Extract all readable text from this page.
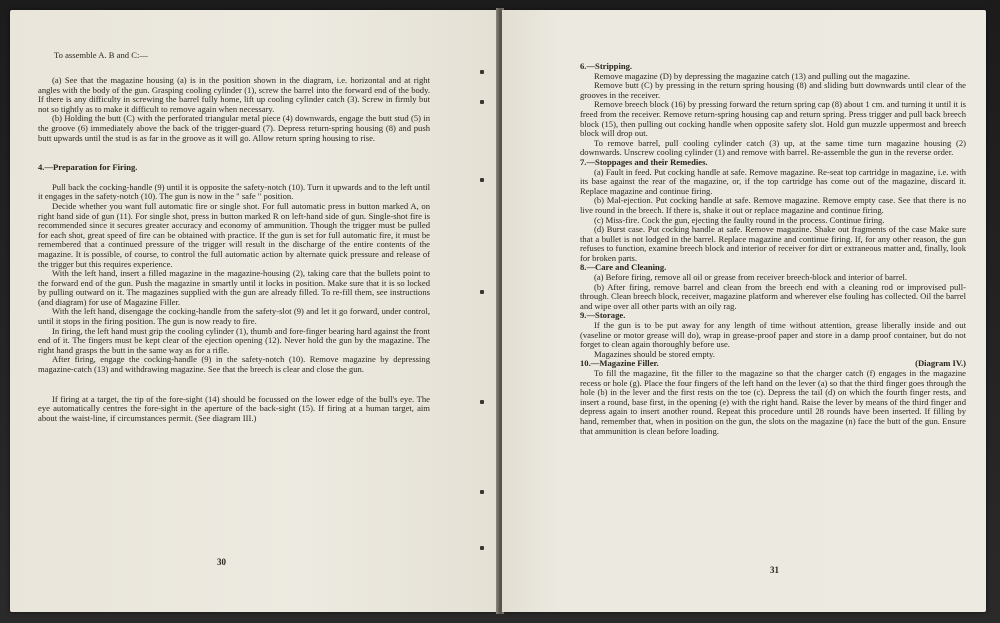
To assemble A. B and C:—

(a) See that the magazine housing (a) is in the position shown in the diagram, i.e. horizontal and at right angles with the body of the gun. Grasping cooling cylinder (1), screw the barrel into the forward end of the body. If there is any difficulty in screwing the barrel fully home, lift up cooling cylinder catch (3). Screw in firmly but not so tightly as to make it difficult to remove again when necessary.

(b) Holding the butt (C) with the perforated triangular metal piece (4) downwards, engage the butt stud (5) in the groove (6) immediately above the back of the trigger-guard (7). Depress return-spring housing (8) and push butt upwards until the stud is as far in the groove as it will go. Allow return spring housing to rise.

4.—Preparation for Firing.

Pull back the cocking-handle (9) until it is opposite the safety-notch (10). Turn it upwards and to the left until it engages in the safety-notch (10). The gun is now in the " safe " position.

Decide whether you want full automatic fire or single shot. For full automatic press in button marked A, on right hand side of gun (11). For single shot, press in button marked R on left-hand side of gun. Single-shot fire is recommended since it secures greater accuracy and economy of ammunition. Though the trigger must be pulled for each shot, great speed of fire can be obtained with practice. If the gun is set for full automatic fire, it must be remembered that a continued pressure of the trigger will result in the discharge of the entire contents of the magazine. It is possible, of course, to control the full automatic action by alternate quick pressure and release of the trigger but this requires experience.

With the left hand, insert a filled magazine in the magazine-housing (2), taking care that the bullets point to the forward end of the gun. Push the magazine in smartly until it locks in position. Make sure that it is so locked by pulling outward on it. The magazines supplied with the gun are already filled. To re-fill them, see instructions (and diagram) for use of Magazine Filler.

With the left hand, disengage the cocking-handle from the safety-slot (9) and let it go forward, under control, until it stops in the firing position. The gun is now ready to fire.

In firing, the left hand must grip the cooling cylinder (1), thumb and fore-finger bearing hard against the front end of it. The fingers must be kept clear of the ejection opening (12). Never hold the gun by the magazine. The right hand grasps the butt in the same way as for a rifle.

After firing, engage the cocking-handle (9) in the safety-notch (10). Remove magazine by depressing magazine-catch (13) and withdrawing magazine. See that the breech is clear and close the gun.

If firing at a target, the tip of the fore-sight (14) should be focussed on the lower edge of the bull's eye. The eye automatically centres the fore-sight in the aperture of the back-sight (15). If firing at a human target, aim about the waist-line, if circumstances permit. (See diagram III.)

30

6.—Stripping.

Remove magazine (D) by depressing the magazine catch (13) and pulling out the magazine.

Remove butt (C) by pressing in the return spring housing (8) and sliding butt downwards until clear of the grooves in the receiver.

Remove breech block (16) by pressing forward the return spring cap (8) about 1 cm. and turning it until it is freed from the receiver. Remove return-spring housing cap and return spring. Press trigger and pull back breech block (15), then pulling out cocking handle when opposite safety slot. Hold gun muzzle uppermost and breech block will drop out.

To remove barrel, pull cooling cylinder catch (3) up, at the same time turn magazine housing (2) downwards. Unscrew cooling cylinder (1) and remove with barrel. Re-assemble the gun in the reverse order.

7.—Stoppages and their Remedies.

(a) Fault in feed. Put cocking handle at safe. Remove magazine. Re-seat top cartridge in magazine, i.e. with its base against the rear of the magazine, or, if the top cartridge has come out of the magazine, discard it. Replace magazine and continue firing.

(b) Mal-ejection. Put cocking handle at safe. Remove magazine. Remove empty case. See that there is no live round in the breech. If there is, shake it out or replace magazine and continue firing.

(c) Miss-fire. Cock the gun, ejecting the faulty round in the process. Continue firing.

(d) Burst case. Put cocking handle at safe. Remove magazine. Shake out fragments of the case Make sure that a bullet is not lodged in the barrel. Replace magazine and continue firing. If, for any other reason, the gun refuses to function, examine breech block and interior of receiver for dirt or extraneous matter and, finally, look for broken parts.

8.—Care and Cleaning.

(a) Before firing, remove all oil or grease from receiver breech-block and interior of barrel.

(b) After firing, remove barrel and clean from the breech end with a cleaning rod or improvised pull-through. Clean breech block, receiver, magazine platform and wherever else fouling has collected. Oil the barrel and wipe over all other parts with an oily rag.

9.—Storage.

If the gun is to be put away for any length of time without attention, grease liberally inside and out (vaseline or motor grease will do), wrap in grease-proof paper and store in a damp proof container, but do not forget to clean again thoroughly before use.

Magazines should be stored empty.

10.—Magazine Filler.	(Diagram IV.)

To fill the magazine, fit the filler to the magazine so that the charger catch (f) engages in the magazine recess or hole (g). Place the four fingers of the left hand on the lever (a) so that the third finger goes through the hole (b) in the lever and the first rests on the toe (c). Depress the tail (d) on which the fourth finger rests, and insert a round, base first, in the opening (e) with the right hand. Raise the lever by means of the third finger and depress again to insert another round. Repeat this procedure until 28 rounds have been inserted. If filling by hand, remember that, when in position on the gun, the slots on the magazine (n) face the butt of the gun. Ensure that ammunition is clean before loading.

31
